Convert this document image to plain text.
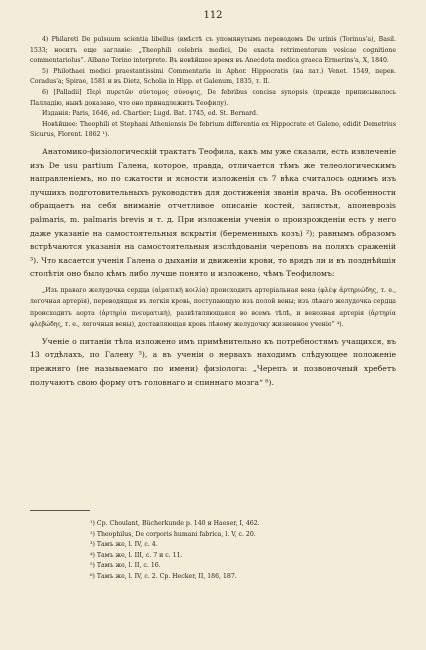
112

4) Philareti De pulsuum scientia libellus (вмѣстѣ съ упомянутымъ переводомъ De urinis (Torinus'a), Basil. 1533; носитъ еще заглавіе: „Theophili celebris medici, De exacta retrimentorum vesicae cognitione commentariolus“. Albano Torino interprete. Въ новѣйшее время въ Anecdota medica graeca Ermerins'a, X, 1840.

5) Philothaei medici praestantissimi Commentaria in Aphor. Hippocratis (на лат.) Venet. 1549, перев. Coradus'a; Spirae, 1581 и въ Dietz, Scholia in Hipp. et Galenum, 1835, т. II.

6) [Palladii] Περὶ πυρετῶν σύντομος σύνοψις, De febribus concisa synopsis (прежде приписывалось Палладію, нынѣ доказано, что оно принадлежитъ Теофилу).

Изданія: Paris, 1646, ed. Chartier; Lugd. Bat. 1745, ed. St. Bernard.

Новѣйшее: Theophili et Stephani Atheniensis De febrium differentia ex Hippocrate et Galeno, edidit Demetrius Sicurus, Florent. 1862 ¹).

Анатомико-физіологическій трактатъ Теофила, какъ мы уже сказали, есть извлеченіе изъ De usu partium Галена, которое, правда, отличается тѣмъ же телеологическимъ направленіемъ, но по сжатости и ясности изложенія съ 7 вѣка считалось однимъ изъ лучшихъ подготовительныхъ руководствъ для достиженія званія врача. Въ особенности обращаетъ на себя вниманіе отчетливое описаніе костей, запястья, апоневрозis palmaris, m. palmaris brevis и т. д. При изложеніи ученія о произрожденіи есть у него даже указаніе на самостоятельныя вскрытія (беременныхъ козъ) ²); равнымъ образомъ встрѣчаются указанія на самостоятельныя изслѣдованія череповъ на поляхъ сраженій ³). Что касается ученія Галена о дыханіи и движеніи крови, то врядъ ли и въ позднѣйшія столѣтія оно было кѣмъ либо лучше понято и изложено, чѣмъ Теофиломъ:

„Изъ праваго желудочка сердца (αἱματικὴ κοιλία) происходитъ артеріальная вена (φλὲψ ἀρτηριώδης, т. е., легочная артерія), переводящая въ легкія кровь, поступающую изъ полой вены; изъ лѣваго желудочка сердца происходитъ аорта (ἀρτηρία πνευματικὴ), развѣтвляющаяся во всемъ тѣлѣ, и венозная артерія (ἀρτηρία φλεβώδης, т. е., легочныя вены), доставляющая кровь лѣвому желудочку жизненное ученіе“ ⁴).

Ученіе о питаніи тѣла изложено имъ примѣнительно къ потребностямъ учащихся, въ 13 отдѣлахъ, по Галену ⁵), а въ ученіи о нервахъ находимъ слѣдующее положеніе прежняго (не называемаго по имени) физіолога: „Черепъ и позвоночный хребетъ получаютъ свою форму отъ головнаго и спиннаго мозга“ ⁶).

¹) Cp. Choulant, Bücherkunde p. 140 и Haeser, I, 462.
²) Theophilus, De corporis humani fabrica, l. V, c. 20.
³) Тамъ же, l. IV, c. 4.
⁴) Тамъ же, l. III, c. 7 и c. 11.
⁵) Тамъ же, l. II, c. 16.
⁶) Тамъ же, l. IV, c. 2. Cp. Hecker, II, 186, 187.
